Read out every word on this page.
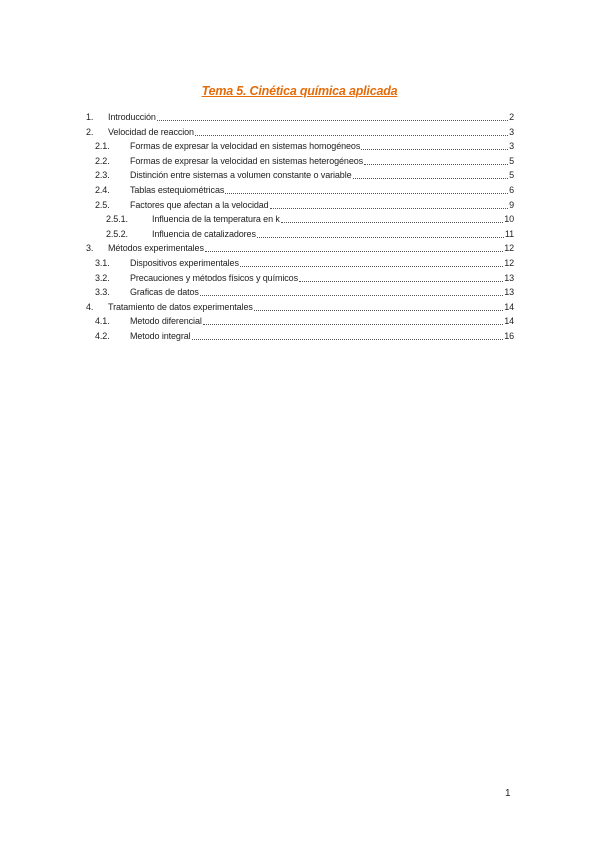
Tema 5. Cinética química aplicada
1.	Introducción	2
2.	Velocidad de reaccion	3
2.1.	Formas de expresar la velocidad en sistemas homogéneos	3
2.2.	Formas de expresar la velocidad en sistemas heterogéneos	5
2.3.	Distinción entre sistemas a volumen constante o variable	5
2.4.	Tablas estequiométricas	6
2.5.	Factores que afectan a la velocidad	9
2.5.1.	Influencia de la temperatura en k	10
2.5.2.	Influencia de catalizadores	11
3.	Métodos experimentales	12
3.1.	Dispositivos experimentales	12
3.2.	Precauciones y métodos físicos y químicos	13
3.3.	Graficas de datos	13
4.	Tratamiento de datos experimentales	14
4.1.	Metodo diferencial	14
4.2.	Metodo integral	16
1
